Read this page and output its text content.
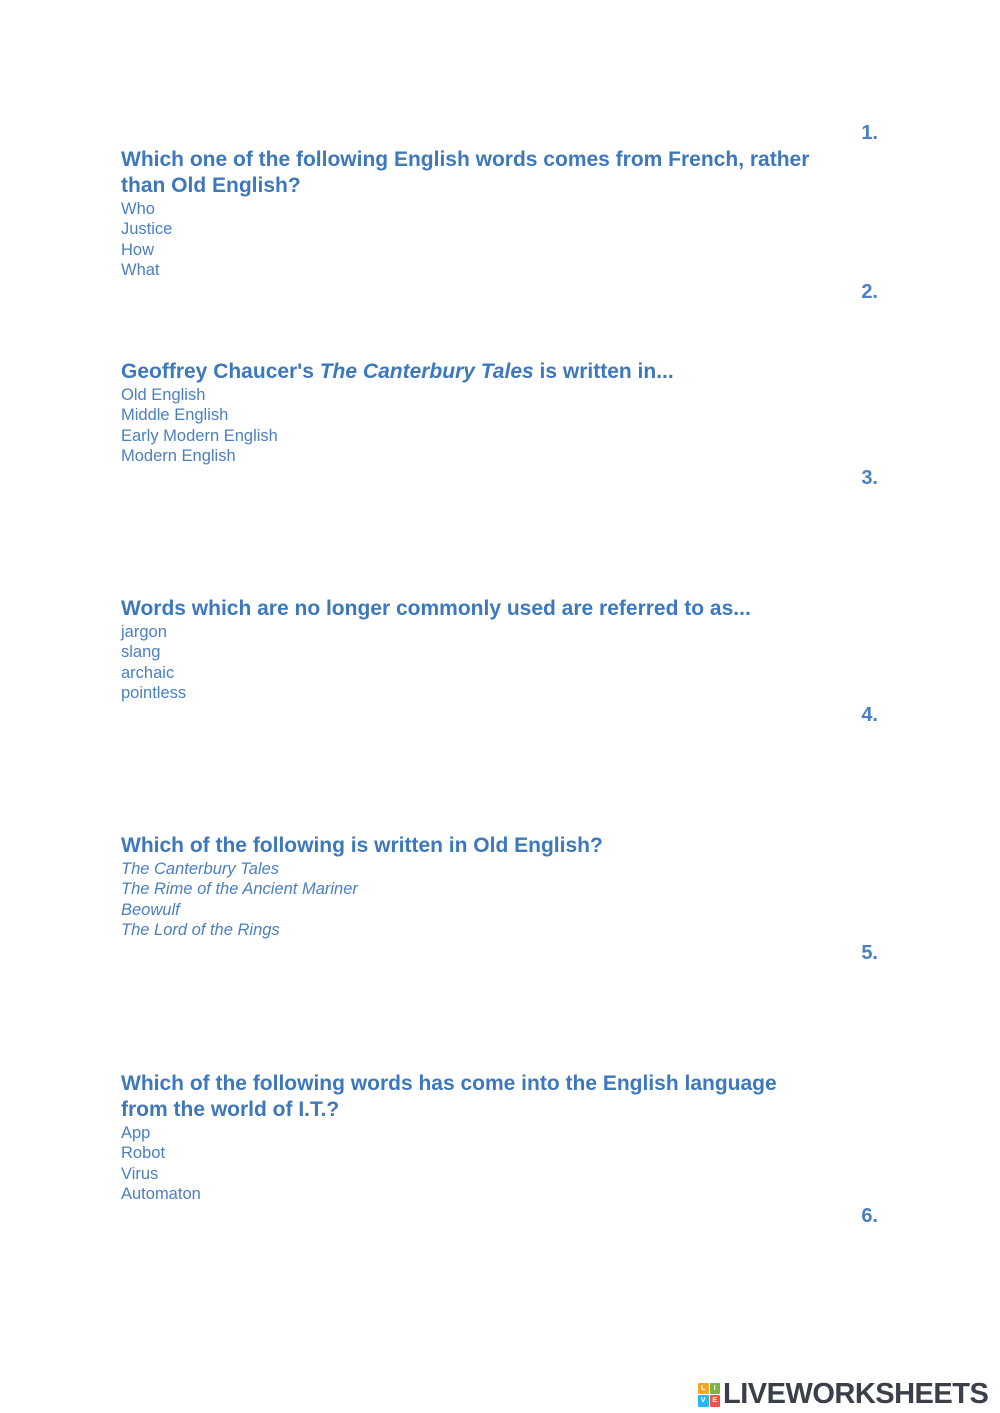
1.
2.
3.
4.
5.
6.
Which one of the following English words comes from French, rather
than Old English?
Who
Justice
How
What
Geoffrey Chaucer's The Canterbury Tales is written in...
Old English
Middle English
Early Modern English
Modern English
Words which are no longer commonly used are referred to as...
jargon
slang
archaic
pointless
Which of the following is written in Old English?
The Canterbury Tales
The Rime of the Ancient Mariner
Beowulf
The Lord of the Rings
Which of the following words has come into the English language
from the world of I.T.?
App
Robot
Virus
Automaton
L	I
V E LIVEWORKSHEETS
